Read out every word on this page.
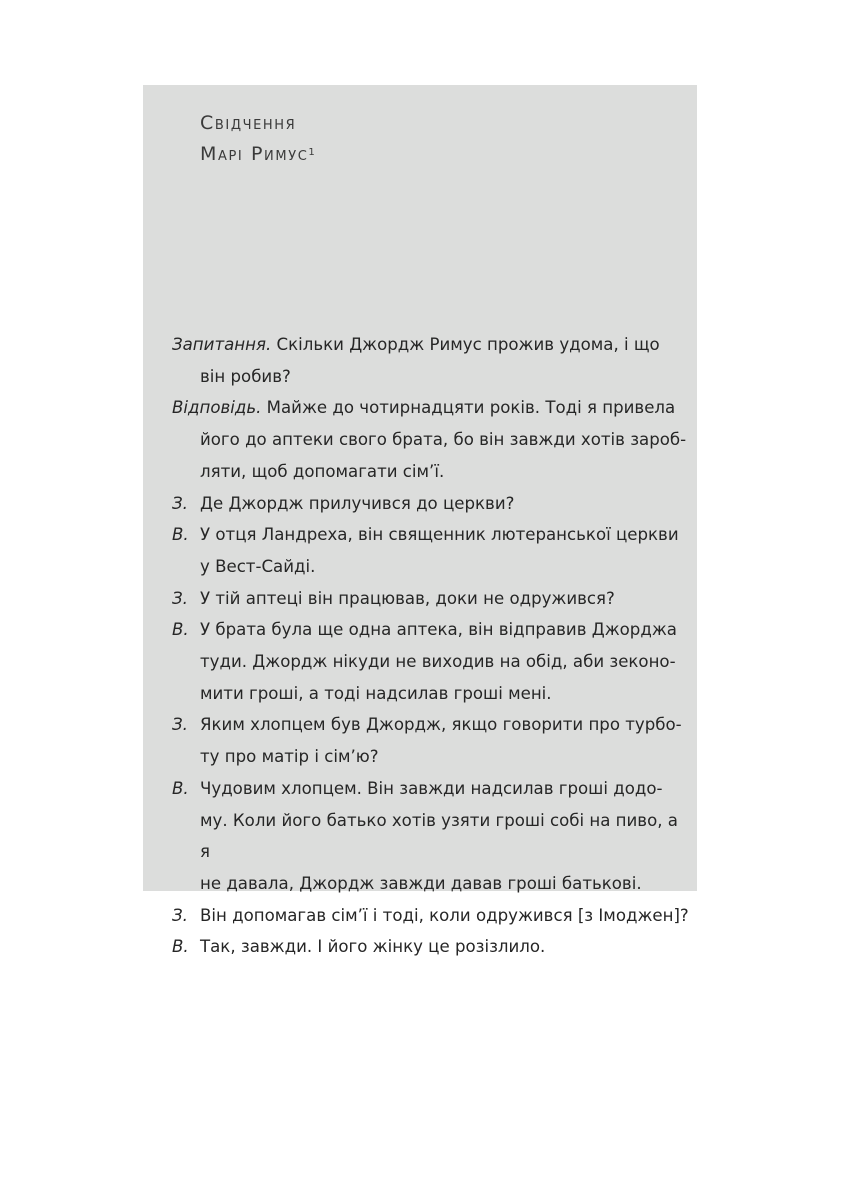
Свідчення
Марі Римус$^1$
Запитання. Скільки Джордж Римус прожив удома, і що
він робив?
Відповідь. Майже до чотирнадцяти років. Тоді я привела
його до аптеки свого брата, бо він завжди хотів зароб-
ляти, щоб допомагати сім’ї.
З. Де Джордж прилучився до церкви?
В. У отця Ландреха, він священник лютеранської церкви
у Вест-Сайді.
З. У тій аптеці він працював, доки не одружився?
В. У брата була ще одна аптека, він відправив Джорджа
туди. Джордж нікуди не виходив на обід, аби зеконо-
мити гроші, а тоді надсилав гроші мені.
З. Яким хлопцем був Джордж, якщо говорити про турбо-
ту про матір і сім’ю?
В. Чудовим хлопцем. Він завжди надсилав гроші додо-
му. Коли його батько хотів узяти гроші собі на пиво, а я
не давала, Джордж завжди давав гроші батькові.
З. Він допомагав сім’ї і тоді, коли одружився [з Імоджен]?
В. Так, завжди. І його жінку це розізлило.
